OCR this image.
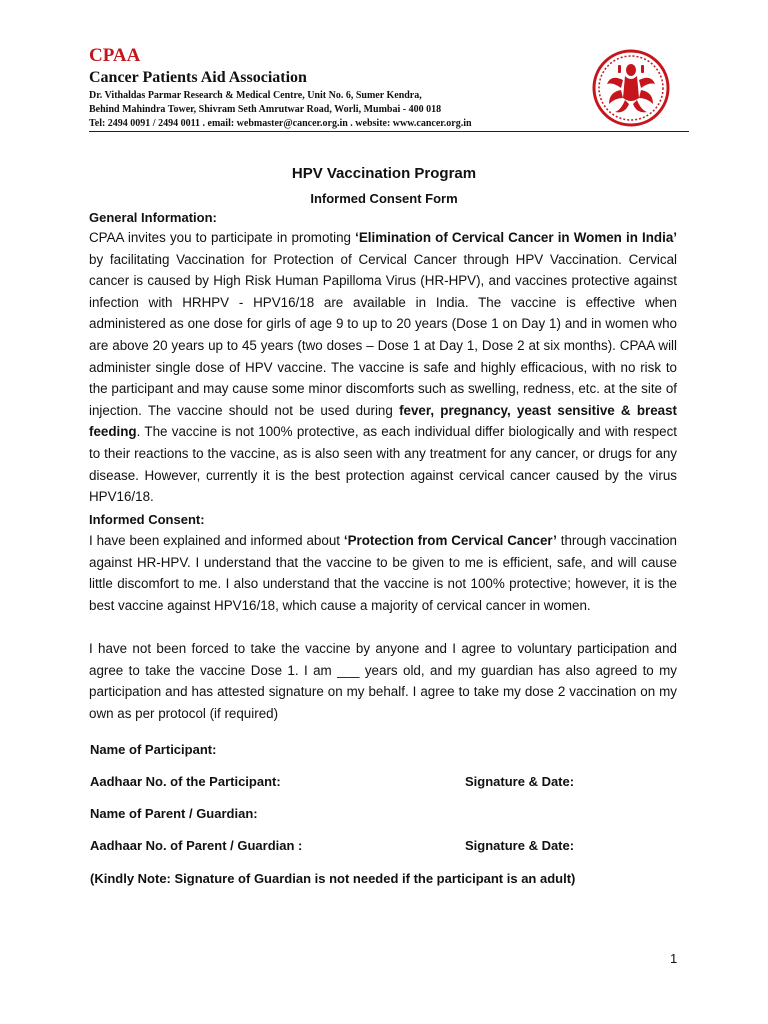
CPAA
Cancer Patients Aid Association
Dr. Vithaldas Parmar Research & Medical Centre, Unit No. 6, Sumer Kendra,
Behind Mahindra Tower, Shivram Seth Amrutwar Road, Worli, Mumbai - 400 018
Tel: 2494 0091 / 2494 0011 . email: webmaster@cancer.org.in . website: www.cancer.org.in
HPV Vaccination Program
Informed Consent Form
General Information:
CPAA invites you to participate in promoting ‘Elimination of Cervical Cancer in Women in India’ by facilitating Vaccination for Protection of Cervical Cancer through HPV Vaccination. Cervical cancer is caused by High Risk Human Papilloma Virus (HR-HPV), and vaccines protective against infection with HRHPV - HPV16/18 are available in India. The vaccine is effective when administered as one dose for girls of age 9 to up to 20 years (Dose 1 on Day 1) and in women who are above 20 years up to 45 years (two doses – Dose 1 at Day 1, Dose 2 at six months). CPAA will administer single dose of HPV vaccine. The vaccine is safe and highly efficacious, with no risk to the participant and may cause some minor discomforts such as swelling, redness, etc. at the site of injection. The vaccine should not be used during fever, pregnancy, yeast sensitive & breast feeding. The vaccine is not 100% protective, as each individual differ biologically and with respect to their reactions to the vaccine, as is also seen with any treatment for any cancer, or drugs for any disease. However, currently it is the best protection against cervical cancer caused by the virus HPV16/18.
Informed Consent:
I have been explained and informed about ‘Protection from Cervical Cancer’ through vaccination against HR-HPV. I understand that the vaccine to be given to me is efficient, safe, and will cause little discomfort to me. I also understand that the vaccine is not 100% protective; however, it is the best vaccine against HPV16/18, which cause a majority of cervical cancer in women.
I have not been forced to take the vaccine by anyone and I agree to voluntary participation and agree to take the vaccine Dose 1. I am ___ years old, and my guardian has also agreed to my participation and has attested signature on my behalf. I agree to take my dose 2 vaccination on my own as per protocol (if required)
Name of Participant:
Aadhaar No. of the Participant:	Signature & Date:
Name of Parent / Guardian:
Aadhaar No. of Parent / Guardian :	Signature & Date:
(Kindly Note: Signature of Guardian is not needed if the participant is an adult)
1
